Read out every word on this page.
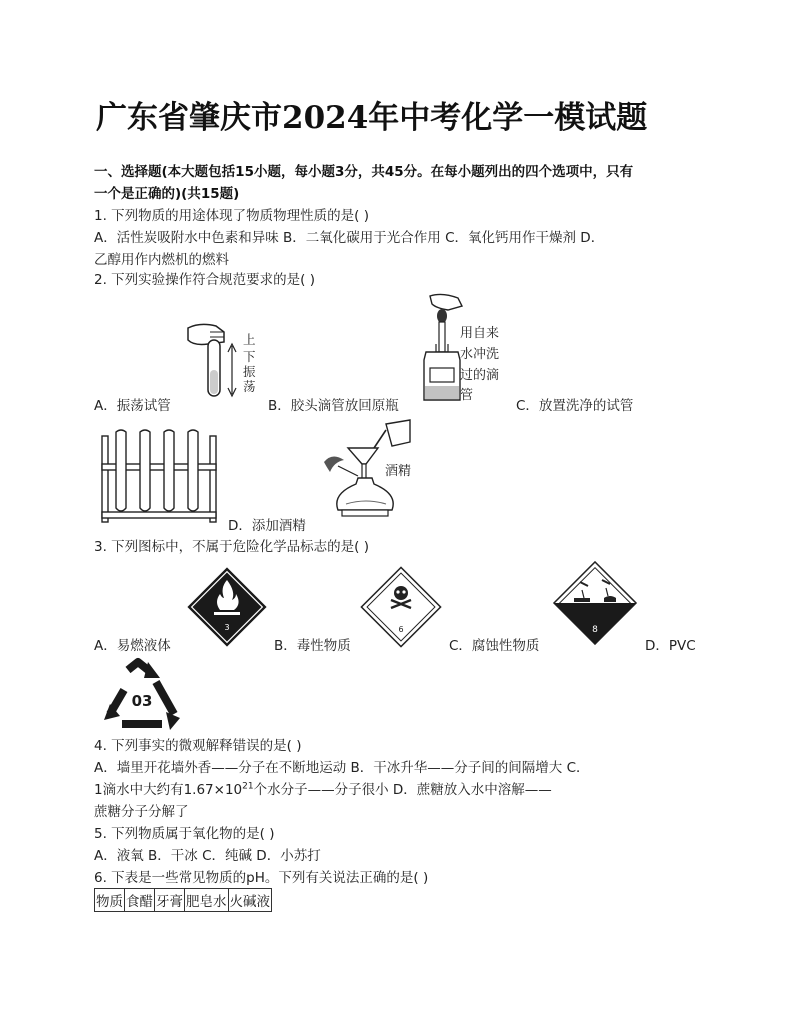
广东省肇庆市2024年中考化学一模试题
一、选择题(本大题包括15小题，每小题3分，共45分。在每小题列出的四个选项中，只有
一个是正确的)(共15题)
1. 下列物质的用途体现了物质物理性质的是( )
A．活性炭吸附水中色素和异味 B．二氧化碳用于光合作用 C．氧化钙用作干燥剂 D．
乙醇用作内燃机的燃料
2. 下列实验操作符合规范要求的是( )
上
下
振
荡
用自来
水冲洗
过的滴
管
A．振荡试管	B．胶头滴管放回原瓶	C．放置洗净的试管
酒精
D．添加酒精
3. 下列图标中，不属于危险化学品标志的是( )
3	6	8
A．易燃液体	B．毒性物质	C．腐蚀性物质	D．PVC
03
4. 下列事实的微观解释错误的是( )
A．墙里开花墙外香——分子在不断地运动 B．干冰升华——分子间的间隔增大 C．
1滴水中大约有$1.67\times 10^{21}$个水分子——分子很小 D．蔗糖放入水中溶解——
蔗糖分子分解了
5. 下列物质属于氧化物的是( )
A．液氧 B．干冰 C．纯碱 D．小苏打
6. 下表是一些常见物质的pH。下列有关说法正确的是( )
物质	食醋	牙膏	肥皂水	火碱液
